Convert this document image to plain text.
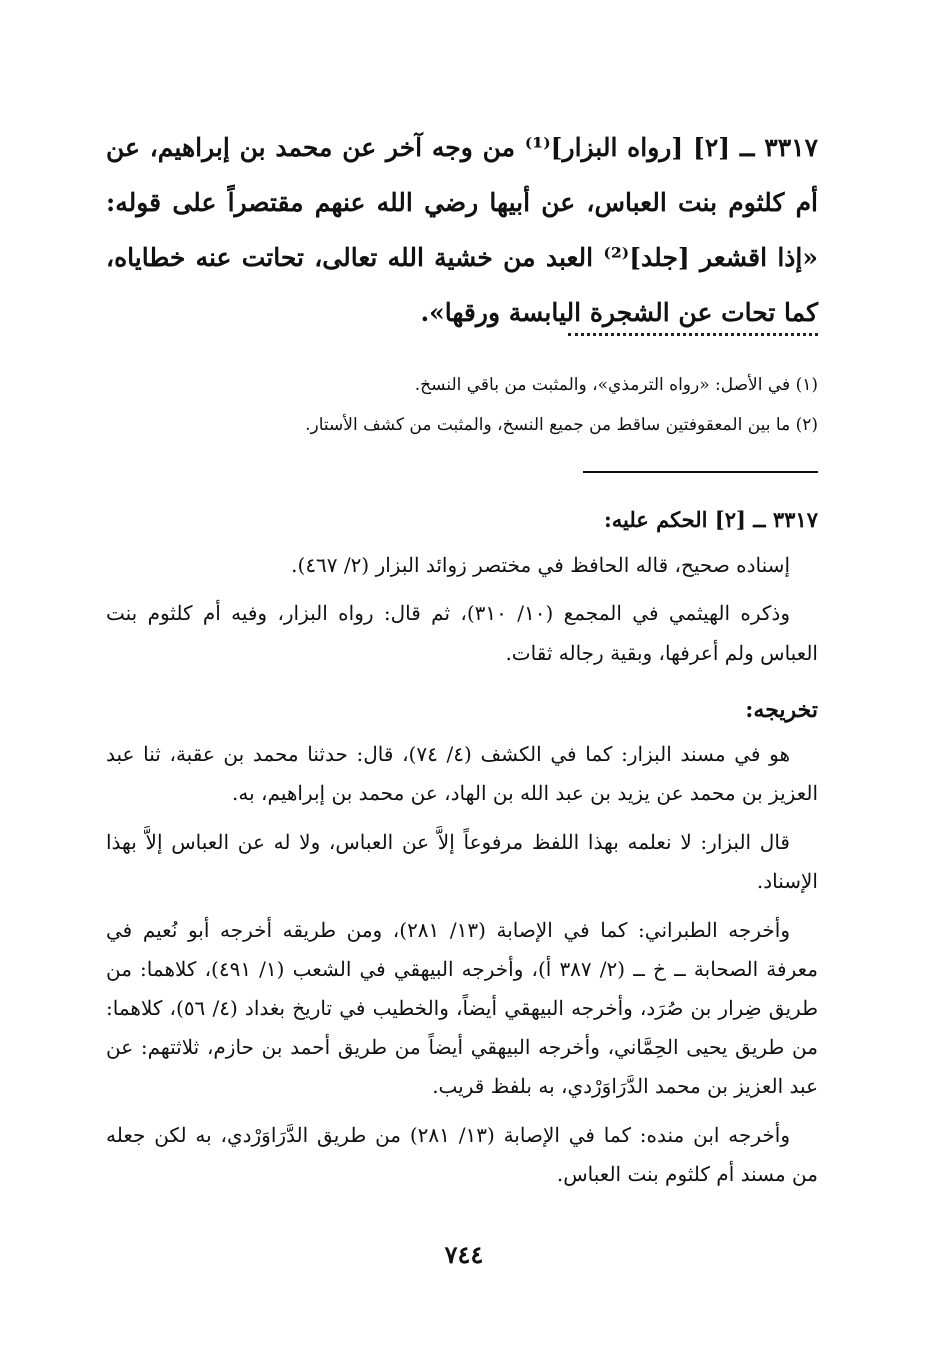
٣٣١٧ ــ [٢] [رواه البزار]⁽¹⁾ من وجه آخر عن محمد بن إبراهيم، عن أم كلثوم بنت العباس، عن أبيها رضي الله عنهم مقتصراً على قوله: «إذا اقشعر [جلد]⁽²⁾ العبد من خشية الله تعالى، تحاتت عنه خطاياه، كما تحات عن الشجرة اليابسة ورقها».

(١) في الأصل: «رواه الترمذي»، والمثبت من باقي النسخ.

(٢) ما بين المعقوفتين ساقط من جميع النسخ، والمثبت من كشف الأستار.

٣٣١٧ ــ [٢] الحكم عليه:

إسناده صحيح، قاله الحافظ في مختصر زوائد البزار (٢/ ٤٦٧).

وذكره الهيثمي في المجمع (١٠/ ٣١٠)، ثم قال: رواه البزار، وفيه أم كلثوم بنت العباس ولم أعرفها، وبقية رجاله ثقات.

تخريجه:

هو في مسند البزار: كما في الكشف (٤/ ٧٤)، قال: حدثنا محمد بن عقبة، ثنا عبد العزيز بن محمد عن يزيد بن عبد الله بن الهاد، عن محمد بن إبراهيم، به.

قال البزار: لا نعلمه بهذا اللفظ مرفوعاً إلاَّ عن العباس، ولا له عن العباس إلاَّ بهذا الإسناد.

وأخرجه الطبراني: كما في الإصابة (١٣/ ٢٨١)، ومن طريقه أخرجه أبو نُعيم في معرفة الصحابة ــ خ ــ (٢/ ٣٨٧ أ)، وأخرجه البيهقي في الشعب (١/ ٤٩١)، كلاهما: من طريق ضِرار بن صُرَد، وأخرجه البيهقي أيضاً، والخطيب في تاريخ بغداد (٤/ ٥٦)، كلاهما: من طريق يحيى الحِمَّاني، وأخرجه البيهقي أيضاً من طريق أحمد بن حازم، ثلاثتهم: عن عبد العزيز بن محمد الدَّرَاوَرْدي، به بلفظ قريب.

وأخرجه ابن منده: كما في الإصابة (١٣/ ٢٨١) من طريق الدَّرَاوَرْدي، به لكن جعله من مسند أم كلثوم بنت العباس.

٧٤٤
